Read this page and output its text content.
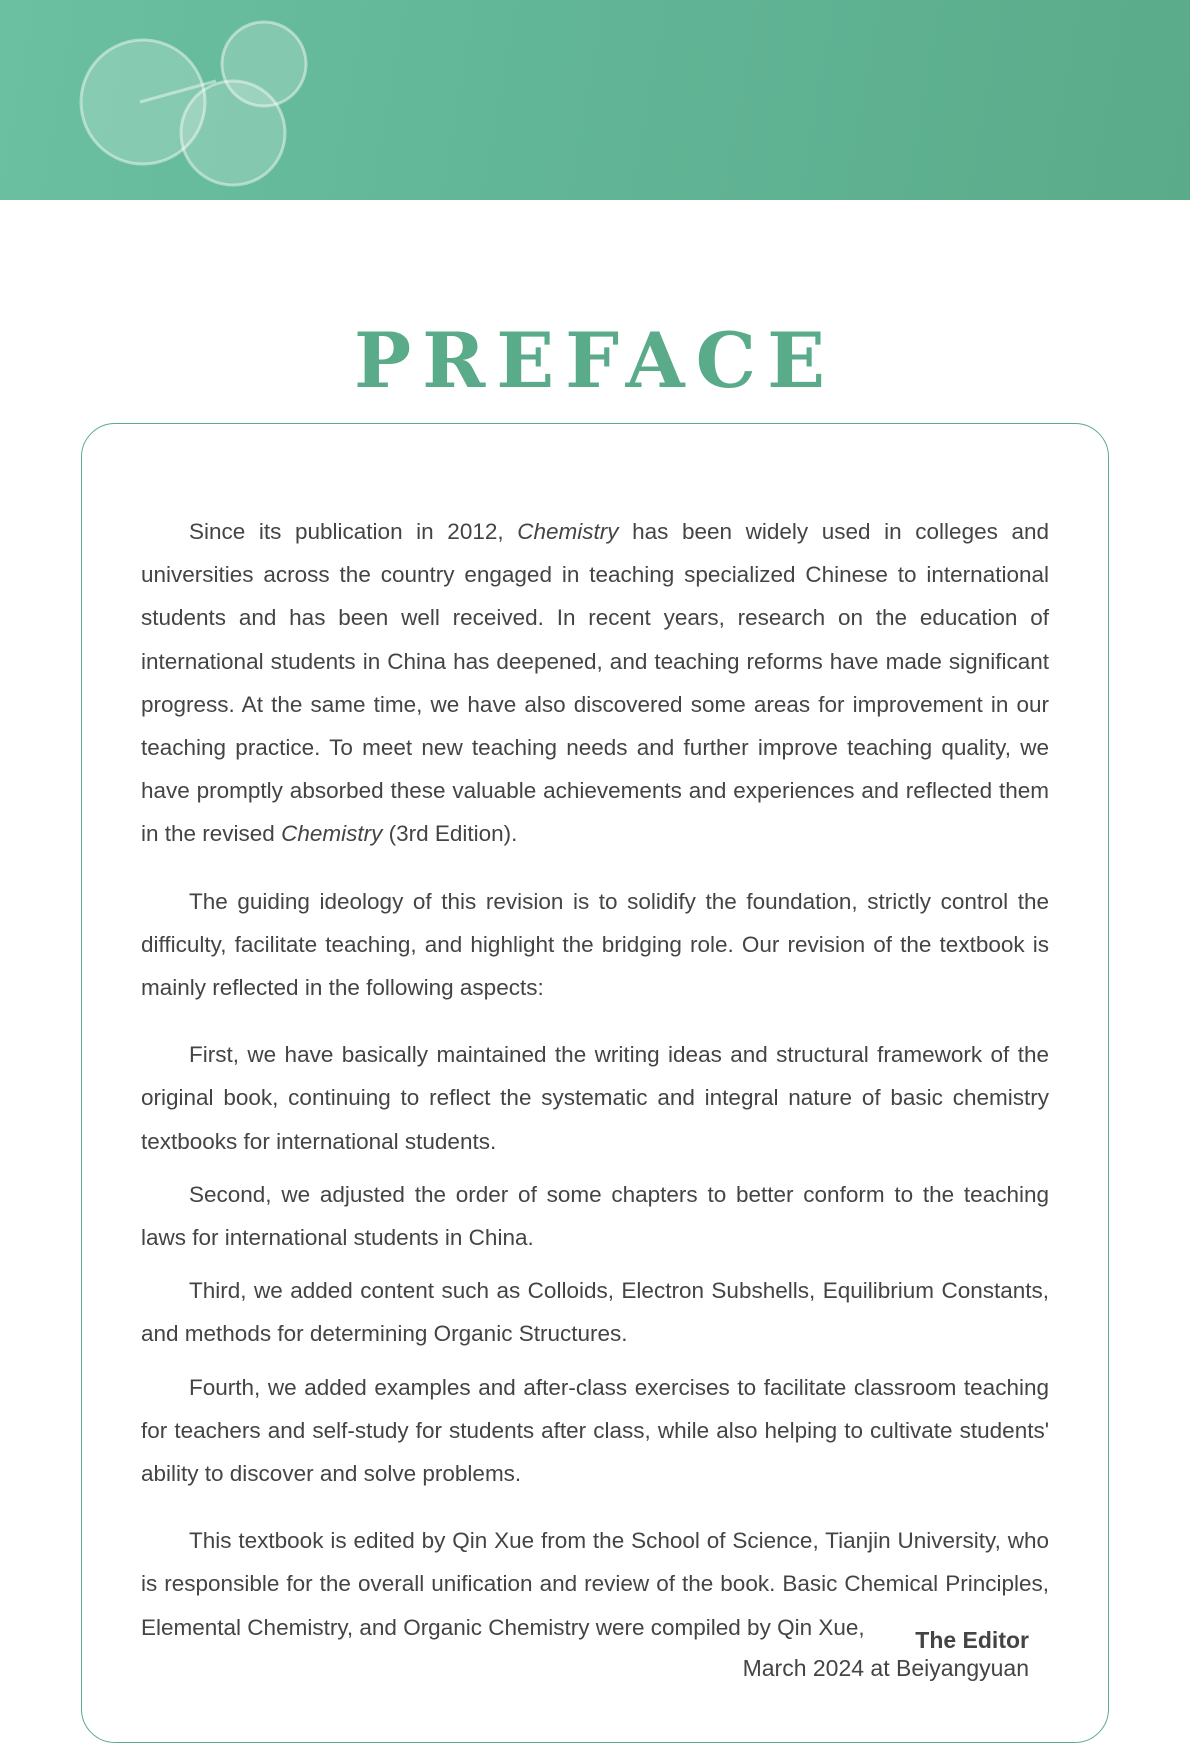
PREFACE

Since its publication in 2012, Chemistry has been widely used in colleges and universities across the country engaged in teaching specialized Chinese to international students and has been well received. In recent years, research on the education of international students in China has deepened, and teaching reforms have made significant progress. At the same time, we have also discovered some areas for improvement in our teaching practice. To meet new teaching needs and further improve teaching quality, we have promptly absorbed these valuable achievements and experiences and reflected them in the revised Chemistry (3rd Edition).

The guiding ideology of this revision is to solidify the foundation, strictly control the difficulty, facilitate teaching, and highlight the bridging role. Our revision of the textbook is mainly reflected in the following aspects:

First, we have basically maintained the writing ideas and structural framework of the original book, continuing to reflect the systematic and integral nature of basic chemistry textbooks for international students.

Second, we adjusted the order of some chapters to better conform to the teaching laws for international students in China.

Third, we added content such as Colloids, Electron Subshells, Equilibrium Constants, and methods for determining Organic Structures.

Fourth, we added examples and after-class exercises to facilitate classroom teaching for teachers and self-study for students after class, while also helping to cultivate students' ability to discover and solve problems.

This textbook is edited by Qin Xue from the School of Science, Tianjin University, who is responsible for the overall unification and review of the book. Basic Chemical Principles, Elemental Chemistry, and Organic Chemistry were compiled by Qin Xue,	The Editor
March 2024 at Beiyangyuan
